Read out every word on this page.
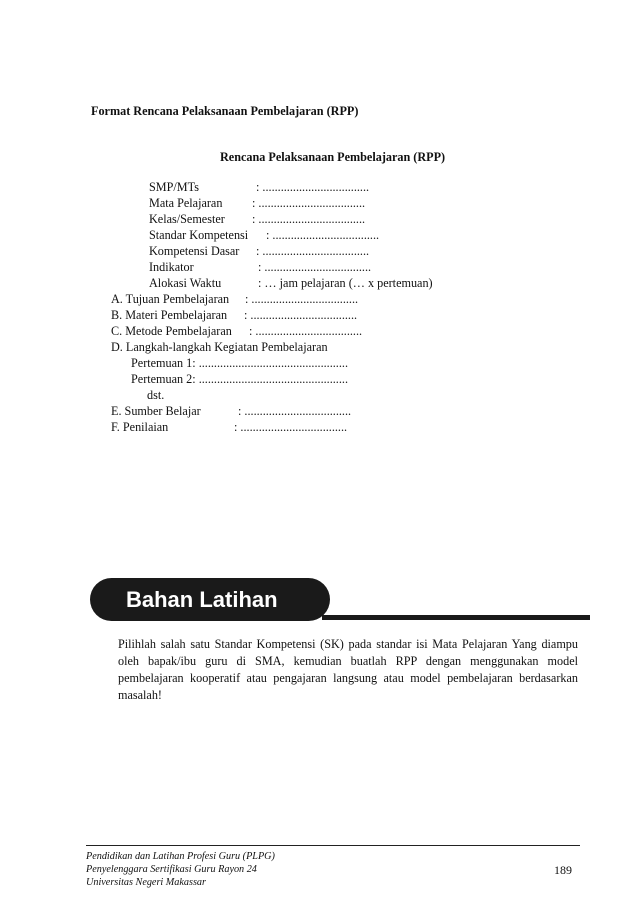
Format Rencana Pelaksanaan Pembelajaran (RPP)
Rencana Pelaksanaan Pembelajaran (RPP)
SMP/MTs	: ...................................
Mata Pelajaran : ...................................
Kelas/Semester : ...................................
Standar Kompetensi : ...................................
Kompetensi Dasar : ...................................
Indikator	: ...................................
Alokasi Waktu	: … jam pelajaran (… x pertemuan)
A. Tujuan Pembelajaran : ...................................
B. Materi Pembelajaran : ...................................
C. Metode Pembelajaran : ...................................
D. Langkah-langkah Kegiatan Pembelajaran
Pertemuan 1: .................................................
Pertemuan 2: .................................................
dst.
E. Sumber Belajar	: ...................................
F. Penilaian	: ...................................
Bahan Latihan
Pilihlah salah satu Standar Kompetensi (SK) pada standar isi Mata Pelajaran Yang diampu oleh bapak/ibu guru di SMA, kemudian buatlah RPP dengan menggunakan model pembelajaran kooperatif atau pengajaran langsung atau model pembelajaran berdasarkan masalah!
Pendidikan dan Latihan Profesi Guru (PLPG)
Penyelenggara Sertifikasi Guru Rayon 24
Universitas Negeri Makassar
189
